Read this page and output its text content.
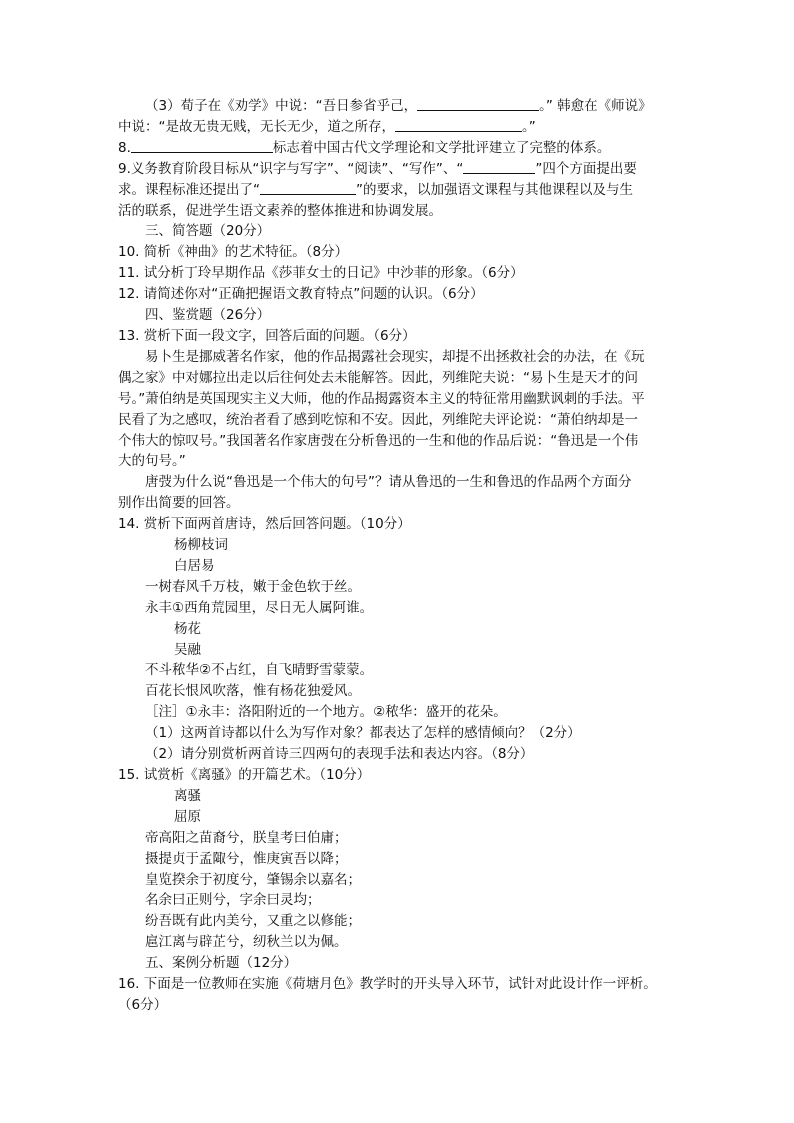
（3）荀子在《劝学》中说：“吾日参省乎己，	。” 韩愈在《师说》
中说：“是故无贵无贱，无长无少，道之所存，	。”
8.	标志着中国古代文学理论和文学批评建立了完整的体系。
9.义务教育阶段目标从“识字与写字”、“阅读”、“写作”、“	”四个方面提出要
求。课程标准还提出了“	”的要求，以加强语文课程与其他课程以及与生
活的联系，促进学生语文素养的整体推进和协调发展。
三、简答题（20分）
10. 简析《神曲》的艺术特征。（8分）
11. 试分析丁玲早期作品《莎菲女士的日记》中沙菲的形象。（6分）
12. 请简述你对“正确把握语文教育特点”问题的认识。（6分）
四、鉴赏题（26分）
13. 赏析下面一段文字，回答后面的问题。（6分）
易卜生是挪威著名作家，他的作品揭露社会现实，却提不出拯救社会的办法，在《玩
偶之家》中对娜拉出走以后往何处去未能解答。因此，列维陀夫说：“易卜生是天才的问
号。”萧伯纳是英国现实主义大师，他的作品揭露资本主义的特征常用幽默讽刺的手法。平
民看了为之感叹，统治者看了感到吃惊和不安。因此，列维陀夫评论说：“萧伯纳却是一
个伟大的惊叹号。”我国著名作家唐弢在分析鲁迅的一生和他的作品后说：“鲁迅是一个伟
大的句号。”
唐弢为什么说“鲁迅是一个伟大的句号”？请从鲁迅的一生和鲁迅的作品两个方面分
别作出简要的回答。
14. 赏析下面两首唐诗，然后回答问题。（10分）
杨柳枝词
白居易
一树春风千万枝，嫩于金色软于丝。
永丰①西角荒园里，尽日无人属阿谁。
杨花
吴融
不斗秾华②不占红，自飞晴野雪蒙蒙。
百花长恨风吹落，惟有杨花独爱风。
［注］①永丰：洛阳附近的一个地方。②秾华：盛开的花朵。
（1）这两首诗都以什么为写作对象？都表达了怎样的感情倾向？（2分）
（2）请分别赏析两首诗三四两句的表现手法和表达内容。（8分）
15. 试赏析《离骚》的开篇艺术。（10分）
离骚
屈原
帝高阳之苗裔兮，朕皇考曰伯庸；
摄提贞于孟陬兮，惟庚寅吾以降；
皇览揆余于初度兮，肇锡余以嘉名；
名余曰正则兮，字余曰灵均；
纷吾既有此内美兮，又重之以修能；
扈江离与辟芷兮，纫秋兰以为佩。
五、案例分析题（12分）
16. 下面是一位教师在实施《荷塘月色》教学时的开头导入环节，试针对此设计作一评析。
（6分）
